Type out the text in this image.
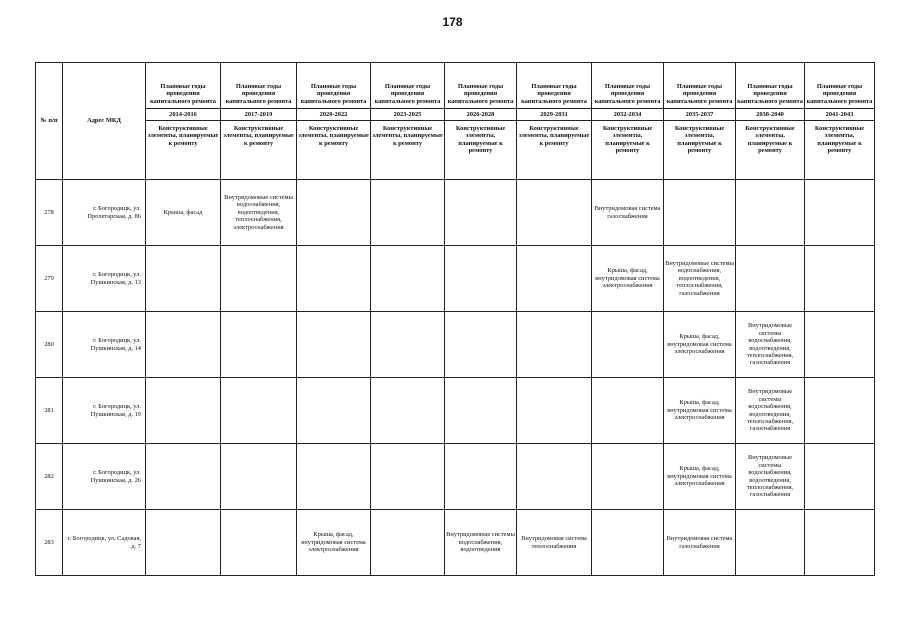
178
№ п/п	Адрес МКД	Плановые годы проведения капитального ремонта	Плановые годы проведения капитального ремонта	Плановые годы проведения капитального ремонта	Плановые годы проведения капитального ремонта	Плановые годы проведения капитального ремонта	Плановые годы проведения капитального ремонта	Плановые годы проведения капитального ремонта	Плановые годы проведения капитального ремонта	Плановые годы проведения капитального ремонта	Плановые годы проведения капитального ремонта
		2014-2016	2017-2019	2020-2022	2023-2025	2026-2028	2029-2031	2032-2034	2035-2037	2038-2040	2041-2043
		Конструктивные элементы, планируемые к ремонту	Конструктивные элементы, планируемые к ремонту	Конструктивные элементы, планируемые к ремонту	Конструктивные элементы, планируемые к ремонту	Конструктивные элементы, планируемые к ремонту	Конструктивные элементы, планируемые к ремонту	Конструктивные элементы, планируемые к ремонту	Конструктивные элементы, планируемые к ремонту	Конструктивные элементы, планируемые к ремонту	Конструктивные элементы, планируемые к ремонту
278	г. Богородицк, ул. Пролетарская, д. 86	Крыша, фасад	Внутридомовые системы водоснабжения, водоотведения, теплоснабжения, электроснабжения					Внутридомовая система газоснабжения			
279	г. Богородицк, ул. Пушкинская, д. 13							Крыша, фасад, внутридомовая система электроснабжения	Внутридомовые системы водоснабжения, водоотведения, теплоснабжения, газоснабжения		
280	г. Богородицк, ул. Пушкинская, д. 14								Крыша, фасад, внутридомовая система электроснабжения	Внутридомовые системы водоснабжения, водоотведения, теплоснабжения, газоснабжения	
281	г. Богородицк, ул. Пушкинская, д. 19								Крыша, фасад, внутридомовая система электроснабжения	Внутридомовые системы водоснабжения, водоотведения, теплоснабжения, газоснабжения	
282	г. Богородицк, ул. Пушкинская, д. 26								Крыша, фасад, внутридомовая система электроснабжения	Внутридомовые системы водоснабжения, водоотведения, теплоснабжения, газоснабжения	
283	г. Богородицк, ул. Садовая, д. 7			Крыша, фасад, внутридомовая система электроснабжения		Внутридомовые системы водоснабжения, водоотведения	Внутридомовая система теплоснабжения		Внутридомовая система газоснабжения		
